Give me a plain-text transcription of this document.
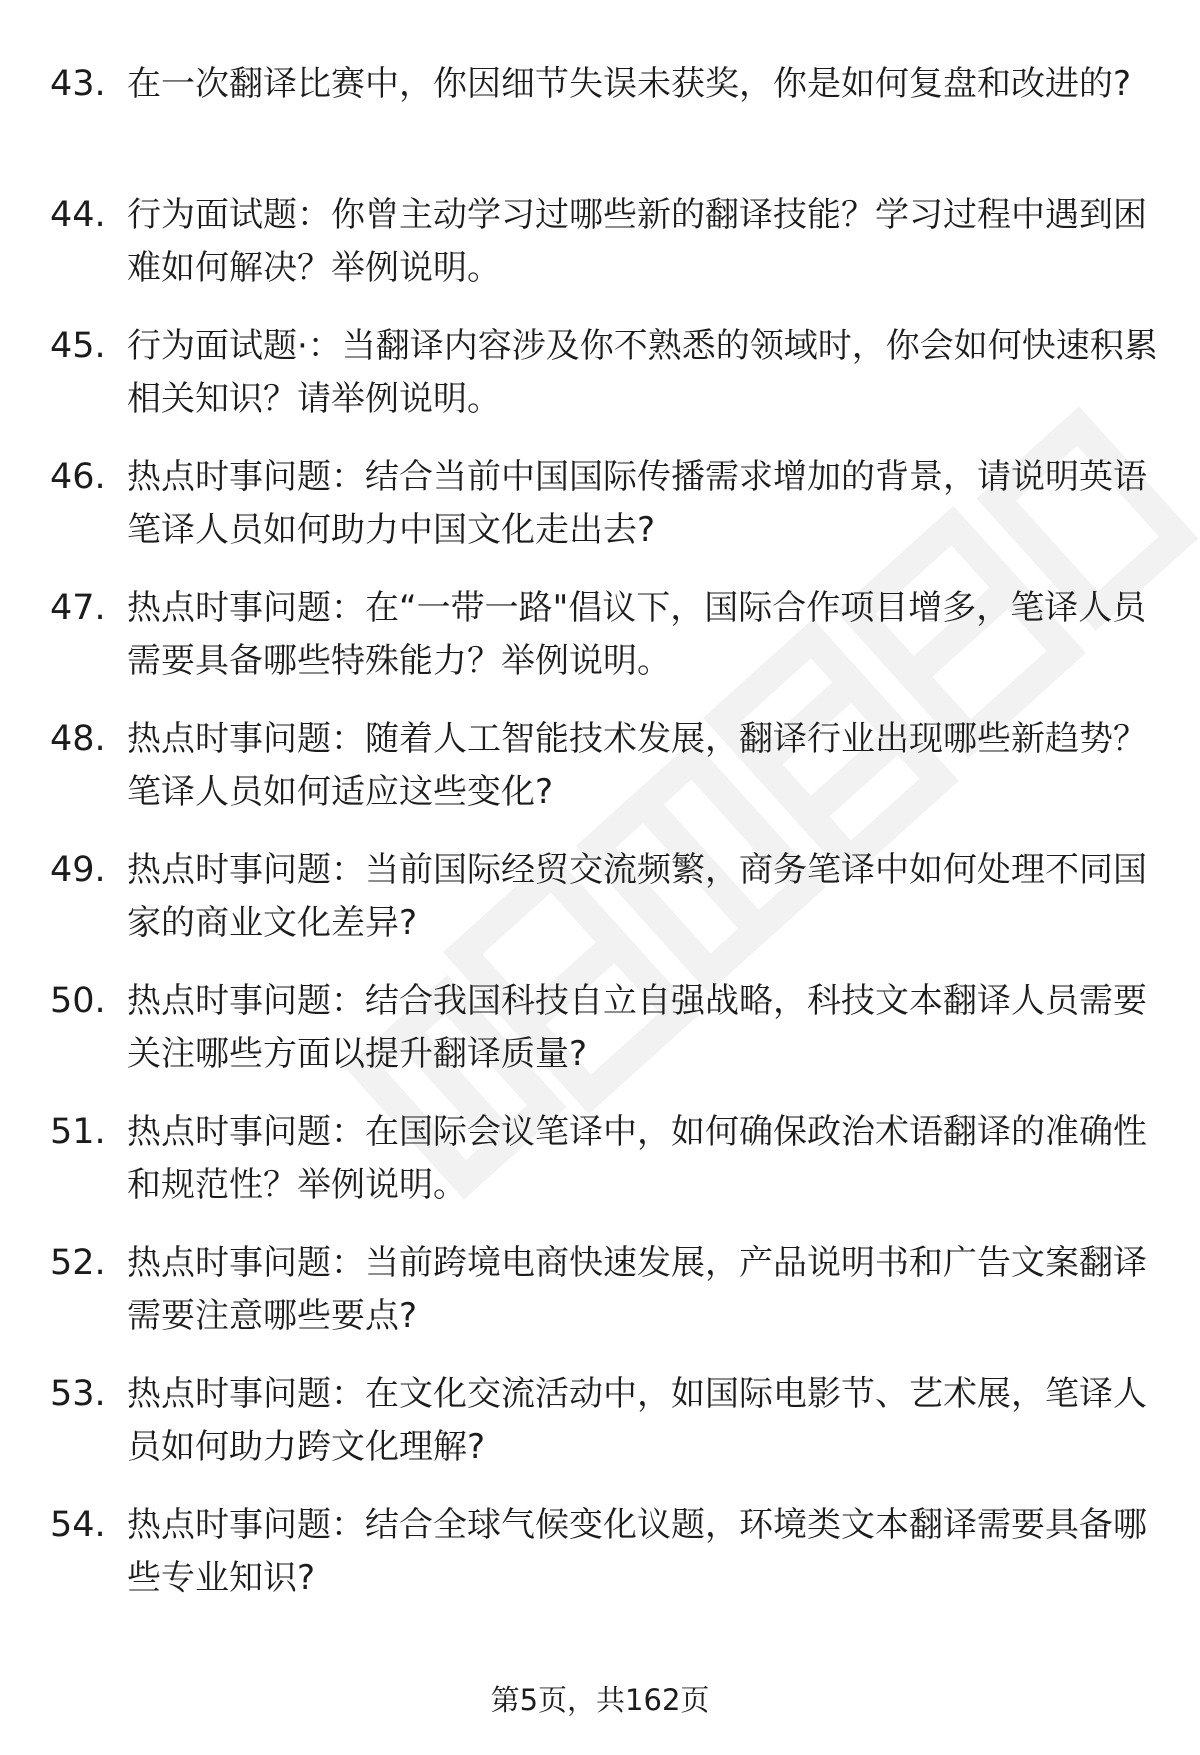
43. 在一次翻译比赛中，你因细节失误未获奖，你是如何复盘和改进的?
44. 行为面试题：你曾主动学习过哪些新的翻译技能？学习过程中遇到困难如何解决？举例说明。
45. 行为面试题·：当翻译内容涉及你不熟悉的领域时，你会如何快速积累相关知识？请举例说明。
46. 热点时事问题：结合当前中国国际传播需求增加的背景，请说明英语笔译人员如何助力中国文化走出去?
47. 热点时事问题：在“一带一路"倡议下，国际合作项目增多，笔译人员需要具备哪些特殊能力？举例说明。
48. 热点时事问题：随着人工智能技术发展，翻译行业出现哪些新趋势？笔译人员如何适应这些变化?
49. 热点时事问题：当前国际经贸交流频繁，商务笔译中如何处理不同国家的商业文化差异?
50. 热点时事问题：结合我国科技自立自强战略，科技文本翻译人员需要关注哪些方面以提升翻译质量?
51. 热点时事问题：在国际会议笔译中，如何确保政治术语翻译的准确性和规范性？举例说明。
52. 热点时事问题：当前跨境电商快速发展，产品说明书和广告文案翻译需要注意哪些要点?
53. 热点时事问题：在文化交流活动中，如国际电影节、艺术展，笔译人员如何助力跨文化理解?
54. 热点时事问题：结合全球气候变化议题，环境类文本翻译需要具备哪些专业知识?
第5页，共162页
